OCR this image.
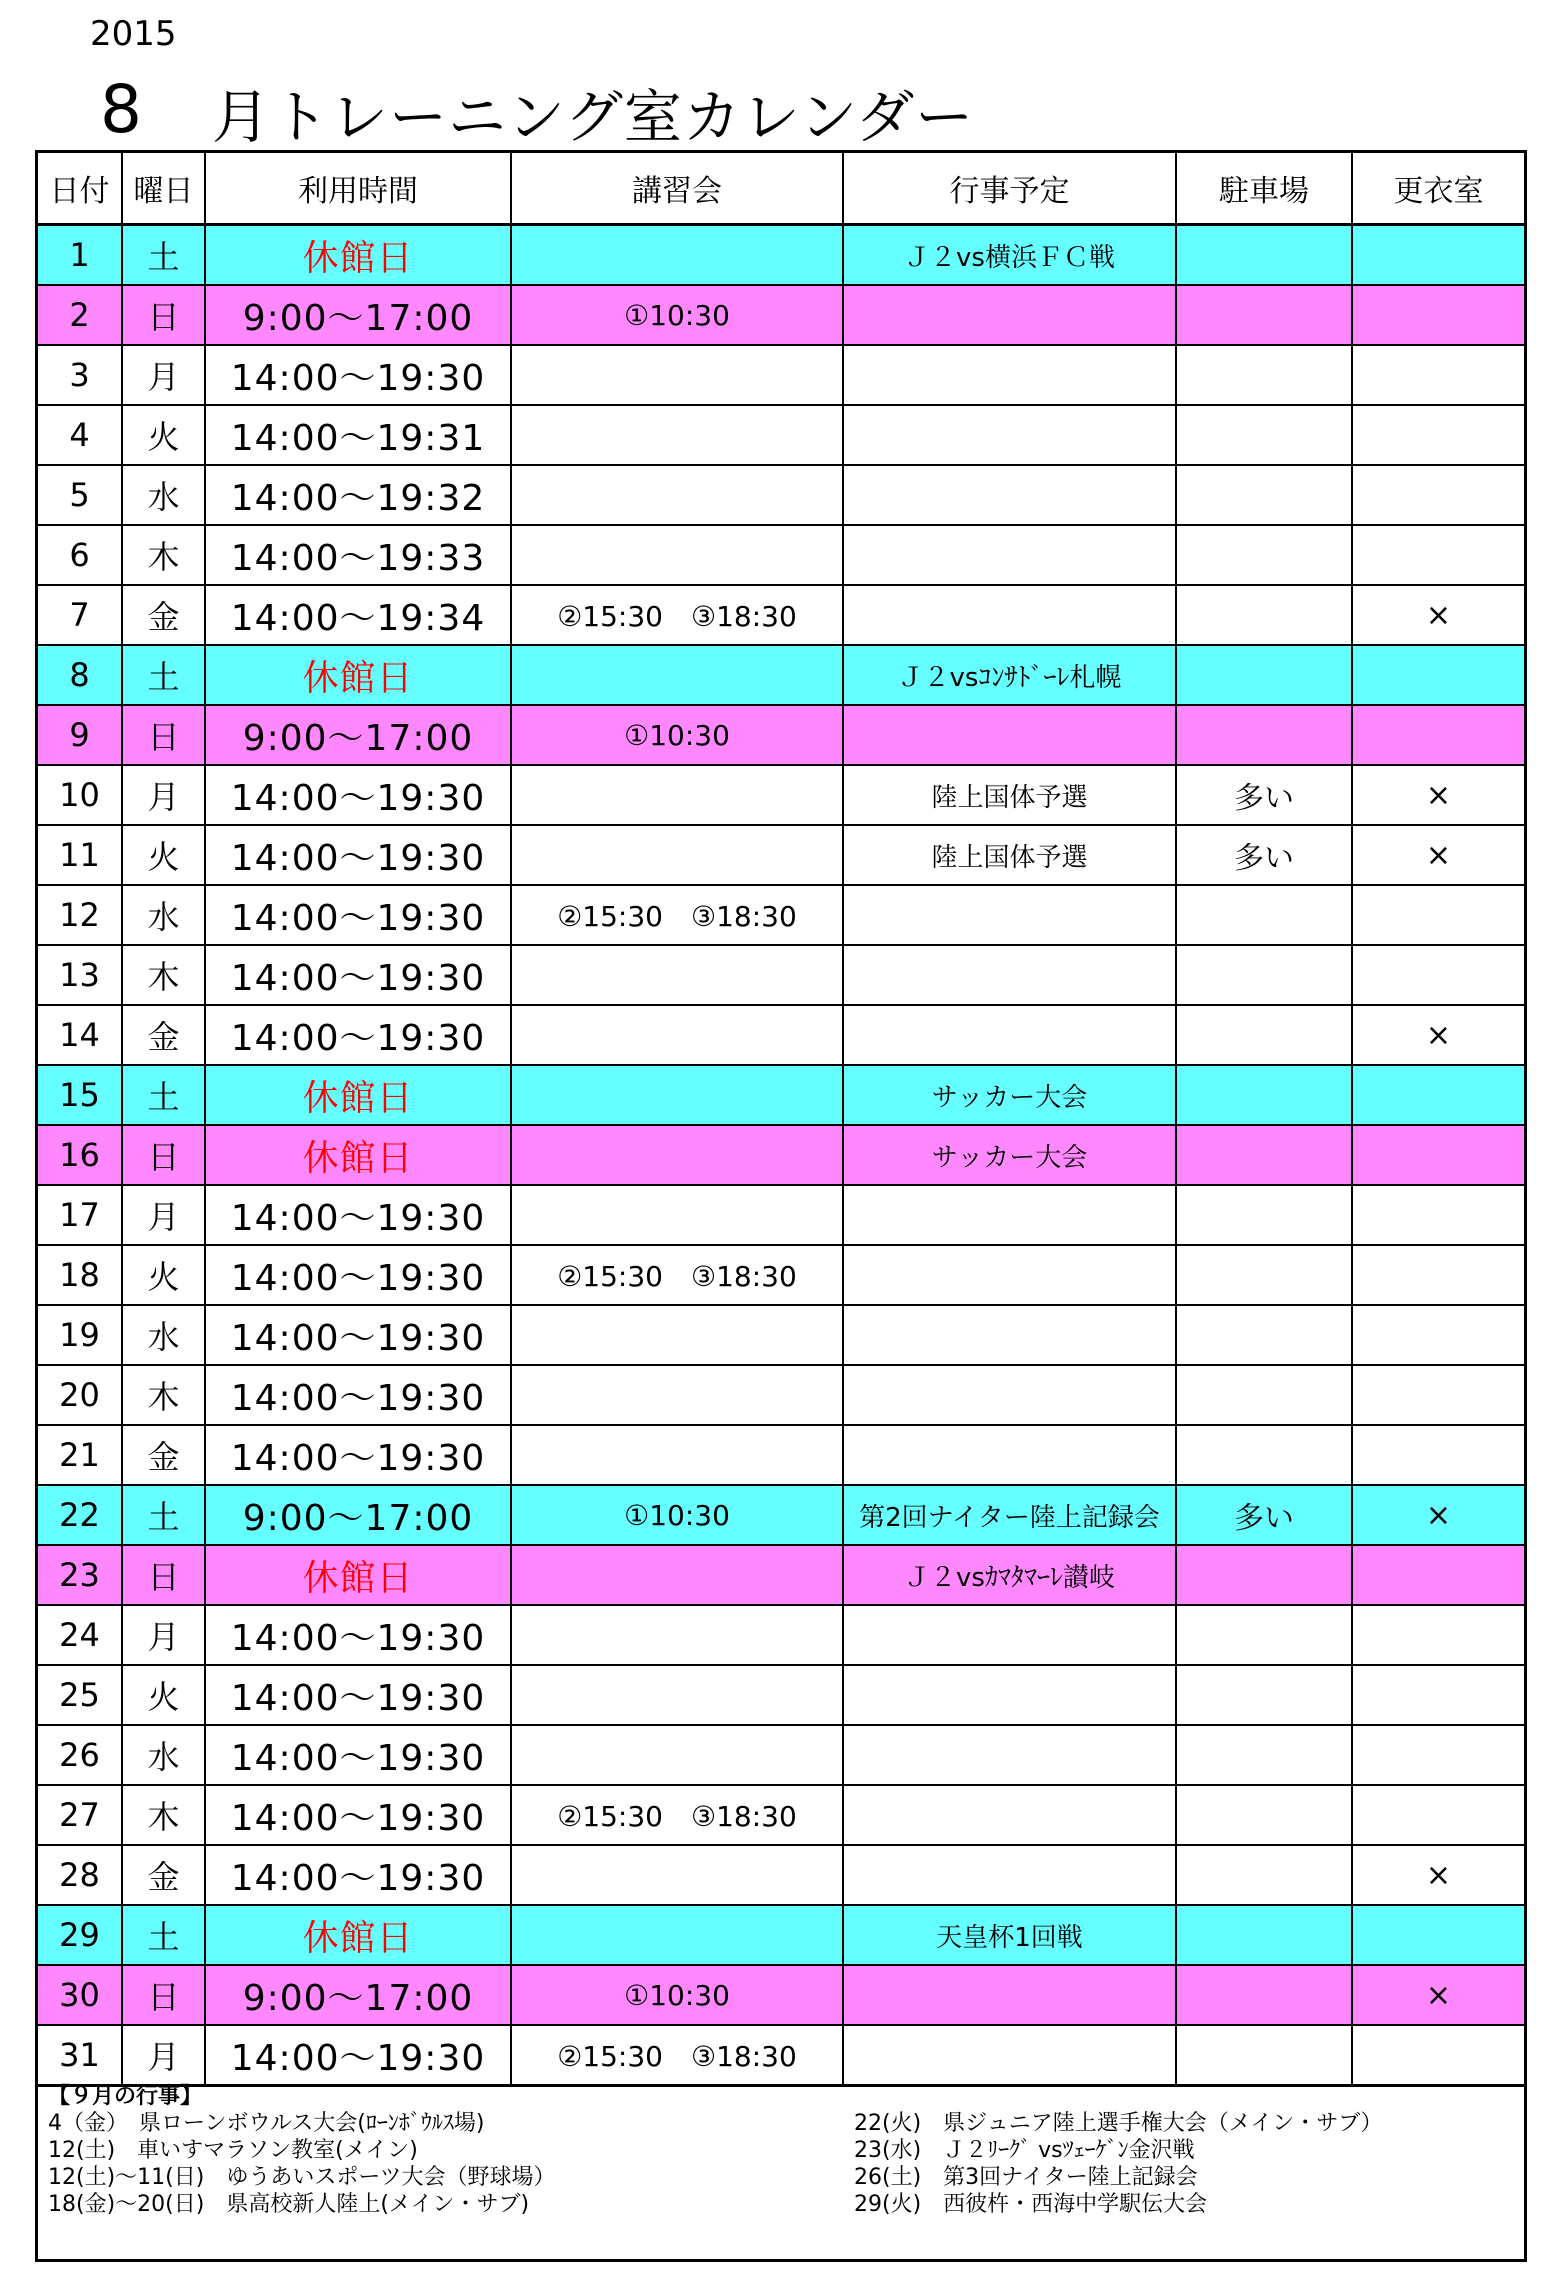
2015
8 月トレーニング室カレンダー
日付	曜日	利用時間	講習会	行事予定	駐車場	更衣室
1	土	休館日		Ｊ２vs横浜ＦＣ戦		
2	日	9:00～17:00	①10:30			
3	月	14:00～19:30				
4	火	14:00～19:31				
5	水	14:00～19:32				
6	木	14:00～19:33				
7	金	14:00～19:34	②15:30　③18:30			×
8	土	休館日		Ｊ２vsｺﾝｻﾄﾞｰﾚ札幌		
9	日	9:00～17:00	①10:30			
10	月	14:00～19:30		陸上国体予選	多い	×
11	火	14:00～19:30		陸上国体予選	多い	×
12	水	14:00～19:30	②15:30　③18:30			
13	木	14:00～19:30				
14	金	14:00～19:30				×
15	土	休館日		サッカー大会		
16	日	休館日		サッカー大会		
17	月	14:00～19:30				
18	火	14:00～19:30	②15:30　③18:30			
19	水	14:00～19:30				
20	木	14:00～19:30				
21	金	14:00～19:30				
22	土	9:00～17:00	①10:30	第2回ナイター陸上記録会	多い	×
23	日	休館日		Ｊ２vsｶﾏﾀﾏｰﾚ讃岐		
24	月	14:00～19:30				
25	火	14:00～19:30				
26	水	14:00～19:30				
27	木	14:00～19:30	②15:30　③18:30			
28	金	14:00～19:30				×
29	土	休館日		天皇杯1回戦		
30	日	9:00～17:00	①10:30			×
31	月	14:00～19:30	②15:30　③18:30			
【９月の行事】
4（金）　県ローンボウルス大会(ﾛｰﾝﾎﾞｳﾙｽ場)
12(土)　車いすマラソン教室(メイン)
12(土)～11(日)　ゆうあいスポーツ大会（野球場）
18(金)～20(日)　県高校新人陸上(メイン・サブ)
22(火)　県ジュニア陸上選手権大会（メイン・サブ）
23(水)　Ｊ２ﾘｰｸﾞ vsﾂｪｰｹﾞﾝ金沢戦
26(土)　第3回ナイター陸上記録会
29(火)　西彼杵・西海中学駅伝大会
